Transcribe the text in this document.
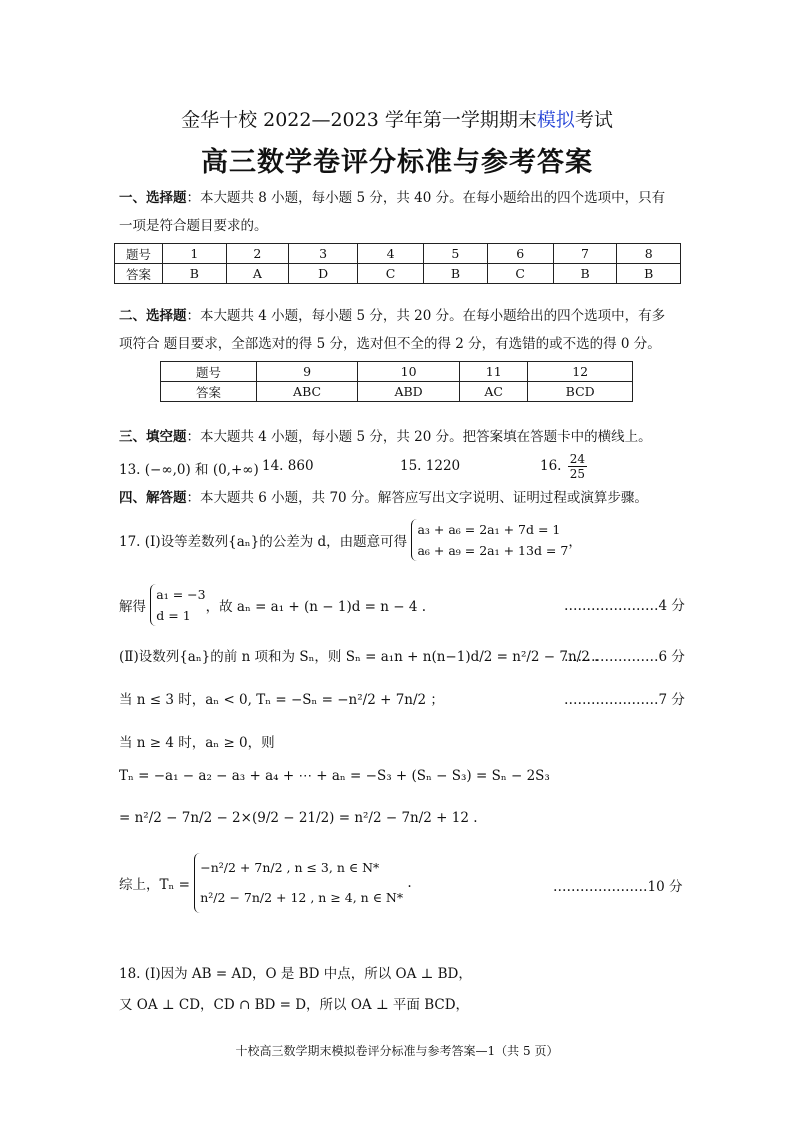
金华十校 2022—2023 学年第一学期期末模拟考试
高三数学卷评分标准与参考答案
一、选择题：本大题共 8 小题，每小题 5 分，共 40 分。在每小题给出的四个选项中，只有
一项是符合题目要求的。
题号	1	2	3	4	5	6	7	8
答案	B	A	D	C	B	C	B	B
二、选择题：本大题共 4 小题，每小题 5 分，共 20 分。在每小题给出的四个选项中，有多
项符合 题目要求，全部选对的得 5 分，选对但不全的得 2 分，有选错的或不选的得 0 分。
题号	9	10	11	12
答案	ABC	ABD	AC	BCD
三、填空题：本大题共 4 小题，每小题 5 分，共 20 分。把答案填在答题卡中的横线上。
13. (−∞,0) 和 (0,+∞) 14. 860	15. 1220	16. $\frac{24}{25}$
四、解答题：本大题共 6 小题，共 70 分。解答应写出文字说明、证明过程或演算步骤。
17. (Ⅰ)设等差数列{aₙ}的公差为 d，由题意可得 a₃ + a₆ = 2a₁ + 7d = 1
a₆ + a₉ = 2a₁ + 13d = 7，
解得 a₁ = −3
d = 1，故 aₙ = a₁ + (n − 1)d = n − 4 .	…………………4 分
(Ⅱ)设数列{aₙ}的前 n 项和为 Sₙ，则 Sₙ = a₁n + n(n−1)d/2 = n²/2 − 7n/2 .
…………………6 分
当 n ≤ 3 时，aₙ < 0, Tₙ = −Sₙ = −n²/2 + 7n/2 ；	…………………7 分
当 n ≥ 4 时，aₙ ≥ 0，则
Tₙ = −a₁ − a₂ − a₃ + a₄ + ⋯ + aₙ = −S₃ + (Sₙ − S₃) = Sₙ − 2S₃
= n²/2 − 7n/2 − 2×(9/2 − 21/2) = n²/2 − 7n/2 + 12 .
综上，Tₙ = −n²/2 + 7n/2 , n ≤ 3, n ∈ N*
n²/2 − 7n/2 + 12 , n ≥ 4, n ∈ N* .	…………………10 分
18. (Ⅰ)因为 AB = AD，O 是 BD 中点，所以 OA ⊥ BD，
又 OA ⊥ CD，CD ∩ BD = D，所以 OA ⊥ 平面 BCD，
十校高三数学期末模拟卷评分标准与参考答案—1（共 5 页）
